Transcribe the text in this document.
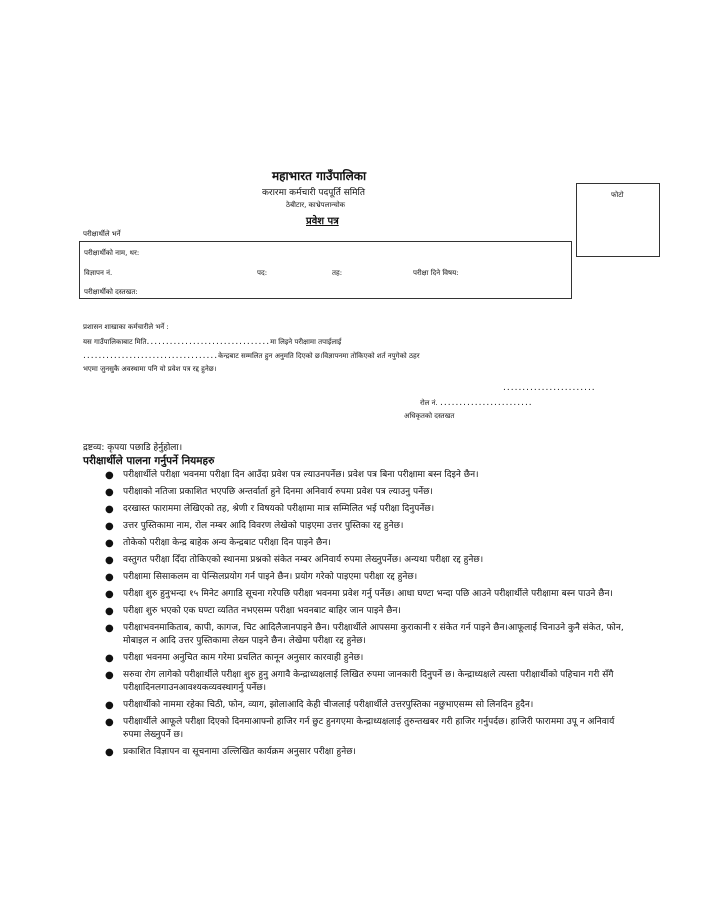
महाभारत गाउँपालिका
करारमा कर्मचारी पदपूर्ति समिति
ठेबीटार, काभ्रेपलान्चोक
प्रवेश पत्र
फोटो
परीक्षार्थीले भर्ने
परीक्षार्थीको नाम, थर:
विज्ञापन नं.	पद:	तह:	परीक्षा दिने विषय:
परीक्षार्थीको दस्तखत:
प्रशासन शाखाका कर्मचारीले भर्ने :
यस गाउँपालिकाबाट मिति................................मा लिइने परीक्षामा तपाईलाई
...................................केन्द्रबाट सम्मलित हुन अनुमति दिएको छ।विज्ञापनमा तोकिएको शर्त नपुगेको ठहर
भएमा जुनसुकै अवस्थामा पनि यो प्रवेश पत्र रद्द हुनेछ।
........................
रोल नं. ........................
अधिकृतको दस्तखत
द्रष्टव्य: कृपया पछाडि हेर्नुहोला।
परीक्षार्थीले पालना गर्नुपर्ने नियमहरु
● परीक्षार्थीले परीक्षा भवनमा परीक्षा दिन आउँदा प्रवेश पत्र ल्याउनपर्नेछ। प्रवेश पत्र बिना परीक्षामा बस्न दिइने छैन।
● परीक्षाको नतिजा प्रकाशित भएपछि अन्तर्वार्ता हुने दिनमा अनिवार्य रुपमा प्रवेश पत्र ल्याउनु पर्नेछ।
● दरखास्त फाराममा लेखिएको तह, श्रेणी र विषयको परीक्षामा मात्र सम्मिलित भई परीक्षा दिनुपर्नेछ।
● उत्तर पुस्तिकामा नाम, रोल नम्बर आदि विवरण लेखेको पाइएमा उत्तर पुस्तिका रद्द हुनेछ।
● तोकेको परीक्षा केन्द्र बाहेक अन्य केन्द्रबाट परीक्षा दिन पाइने छैन।
● वस्तुगत परीक्षा दिँदा तोकिएको स्थानमा प्रश्नको संकेत नम्बर अनिवार्य रुपमा लेख्नुपर्नेछ। अन्यथा परीक्षा रद्द हुनेछ।
● परीक्षामा सिसाकलम वा पेन्सिलप्रयोग गर्न पाइने छैन। प्रयोग गरेको पाइएमा परीक्षा रद्द हुनेछ।
● परीक्षा शुरु हुनुभन्दा १५ मिनेट अगाडि सूचना गरेपछि परीक्षा भवनमा प्रवेश गर्नु पर्नेछ। आधा घण्टा भन्दा पछि आउने परीक्षार्थीले परीक्षामा बस्न पाउने छैन।
● परीक्षा शुरु भएको एक घण्टा व्यतित नभएसम्म परीक्षा भवनबाट बाहिर जान पाइने छैन।
● परीक्षाभवनमाकिताब, कापी, कागज, चिट आदिलैजानपाइने छैन। परीक्षार्थीले आपसमा कुराकानी र संकेत गर्न पाइने छैन।आफूलाई चिनाउने कुनै संकेत, फोन, मोबाइल न आदि उत्तर पुस्तिकामा लेख्न पाइने छैन। लेखेमा परीक्षा रद्द हुनेछ।
● परीक्षा भवनमा अनुचित काम गरेमा प्रचलित कानून अनुसार कारवाही हुनेछ।
● सरुवा रोग लागेको परीक्षार्थीले परीक्षा शुरु हुनु अगावै केन्द्राध्यक्षलाई लिखित रुपमा जानकारी दिनुपर्ने छ। केन्द्राध्यक्षले त्यस्ता परीक्षार्थीको पहिचान गरी सँगै परीक्षादिनलगाउनआवश्यकव्यवस्थागर्नु पर्नेछ।
● परीक्षार्थीको नाममा रहेका चिठी, फोन, व्याग, झोलाआदि केही चीजलाई परीक्षार्थीले उत्तरपुस्तिका नछुभाएसम्म सो लिनदिन हुदैन।
● परीक्षार्थीले आफूले परीक्षा दिएको दिनमाआफ्नो हाजिर गर्न छुट हुनगएमा केन्द्राध्यक्षलाई तुरुन्तखबर गरी हाजिर गर्नुपर्दछ। हाजिरी फाराममा उपू न अनिवार्य रुपमा लेख्नुपर्ने छ।
● प्रकाशित विज्ञापन वा सूचनामा उल्लिखित कार्यक्रम अनुसार परीक्षा हुनेछ।
